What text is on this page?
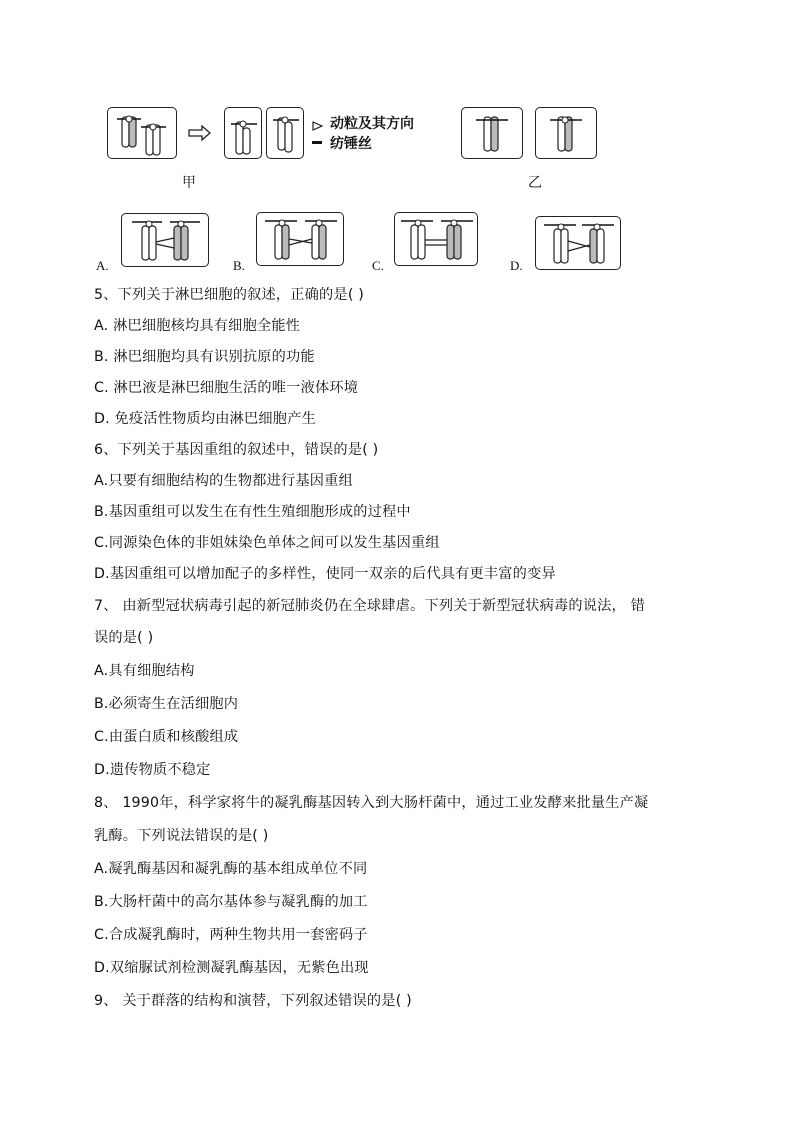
动粒及其方向
纺锤丝
甲	乙
A.	B.	C.	D.
5、下列关于淋巴细胞的叙述，正确的是( )
A. 淋巴细胞核均具有细胞全能性
B. 淋巴细胞均具有识别抗原的功能
C. 淋巴液是淋巴细胞生活的唯一液体环境
D. 免疫活性物质均由淋巴细胞产生
6、下列关于基因重组的叙述中，错误的是( )
A.只要有细胞结构的生物都进行基因重组
B.基因重组可以发生在有性生殖细胞形成的过程中
C.同源染色体的非姐妹染色单体之间可以发生基因重组
D.基因重组可以增加配子的多样性，使同一双亲的后代具有更丰富的变异
7、 由新型冠状病毒引起的新冠肺炎仍在全球肆虐。下列关于新型冠状病毒的说法， 错
误的是( )
A.具有细胞结构
B.必须寄生在活细胞内
C.由蛋白质和核酸组成
D.遗传物质不稳定
8、 1990年，科学家将牛的凝乳酶基因转入到大肠杆菌中，通过工业发酵来批量生产凝
乳酶。下列说法错误的是( )
A.凝乳酶基因和凝乳酶的基本组成单位不同
B.大肠杆菌中的高尔基体参与凝乳酶的加工
C.合成凝乳酶时，两种生物共用一套密码子
D.双缩脲试剂检测凝乳酶基因，无紫色出现
9、 关于群落的结构和演替，下列叙述错误的是( )
